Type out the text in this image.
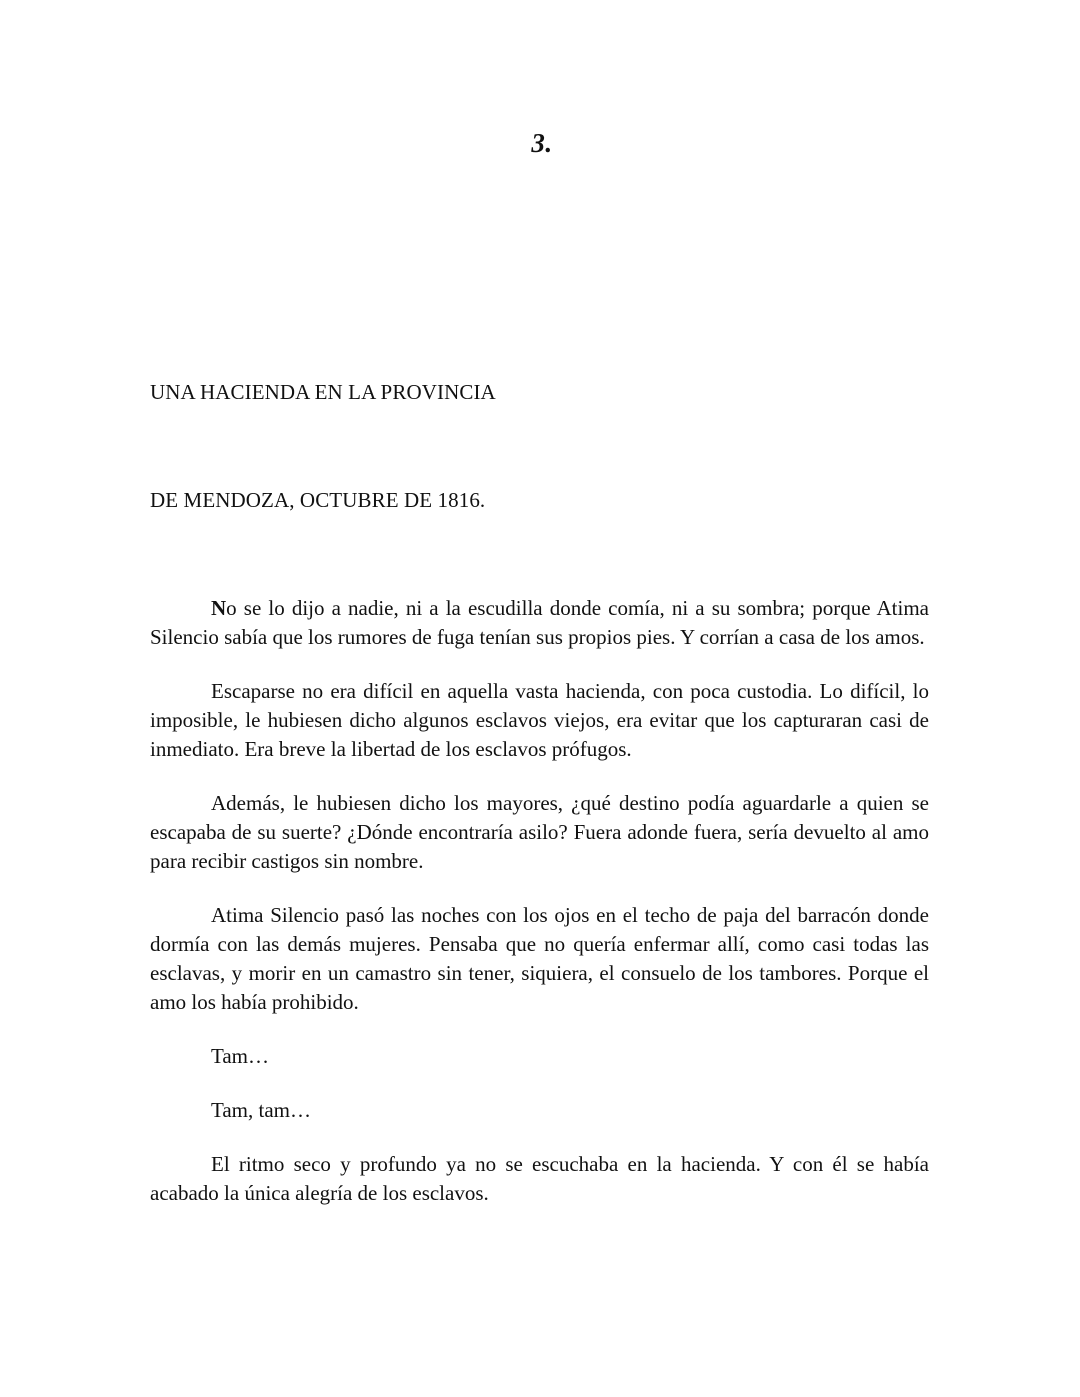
3.
UNA HACIENDA EN LA PROVINCIA
DE MENDOZA, OCTUBRE DE 1816.

No se lo dijo a nadie, ni a la escudilla donde comía, ni a su sombra; porque Atima Silencio sabía que los rumores de fuga tenían sus propios pies. Y corrían a casa de los amos.

Escaparse no era difícil en aquella vasta hacienda, con poca custodia. Lo difícil, lo imposible, le hubiesen dicho algunos esclavos viejos, era evitar que los capturaran casi de inmediato. Era breve la libertad de los esclavos prófugos.

Además, le hubiesen dicho los mayores, ¿qué destino podía aguardarle a quien se escapaba de su suerte? ¿Dónde encontraría asilo? Fuera adonde fuera, sería devuelto al amo para recibir castigos sin nombre.

Atima Silencio pasó las noches con los ojos en el techo de paja del barracón donde dormía con las demás mujeres. Pensaba que no quería enfermar allí, como casi todas las esclavas, y morir en un camastro sin tener, siquiera, el consuelo de los tambores. Porque el amo los había prohibido.

Tam…

Tam, tam…

El ritmo seco y profundo ya no se escuchaba en la hacienda. Y con él se había acabado la única alegría de los esclavos.
